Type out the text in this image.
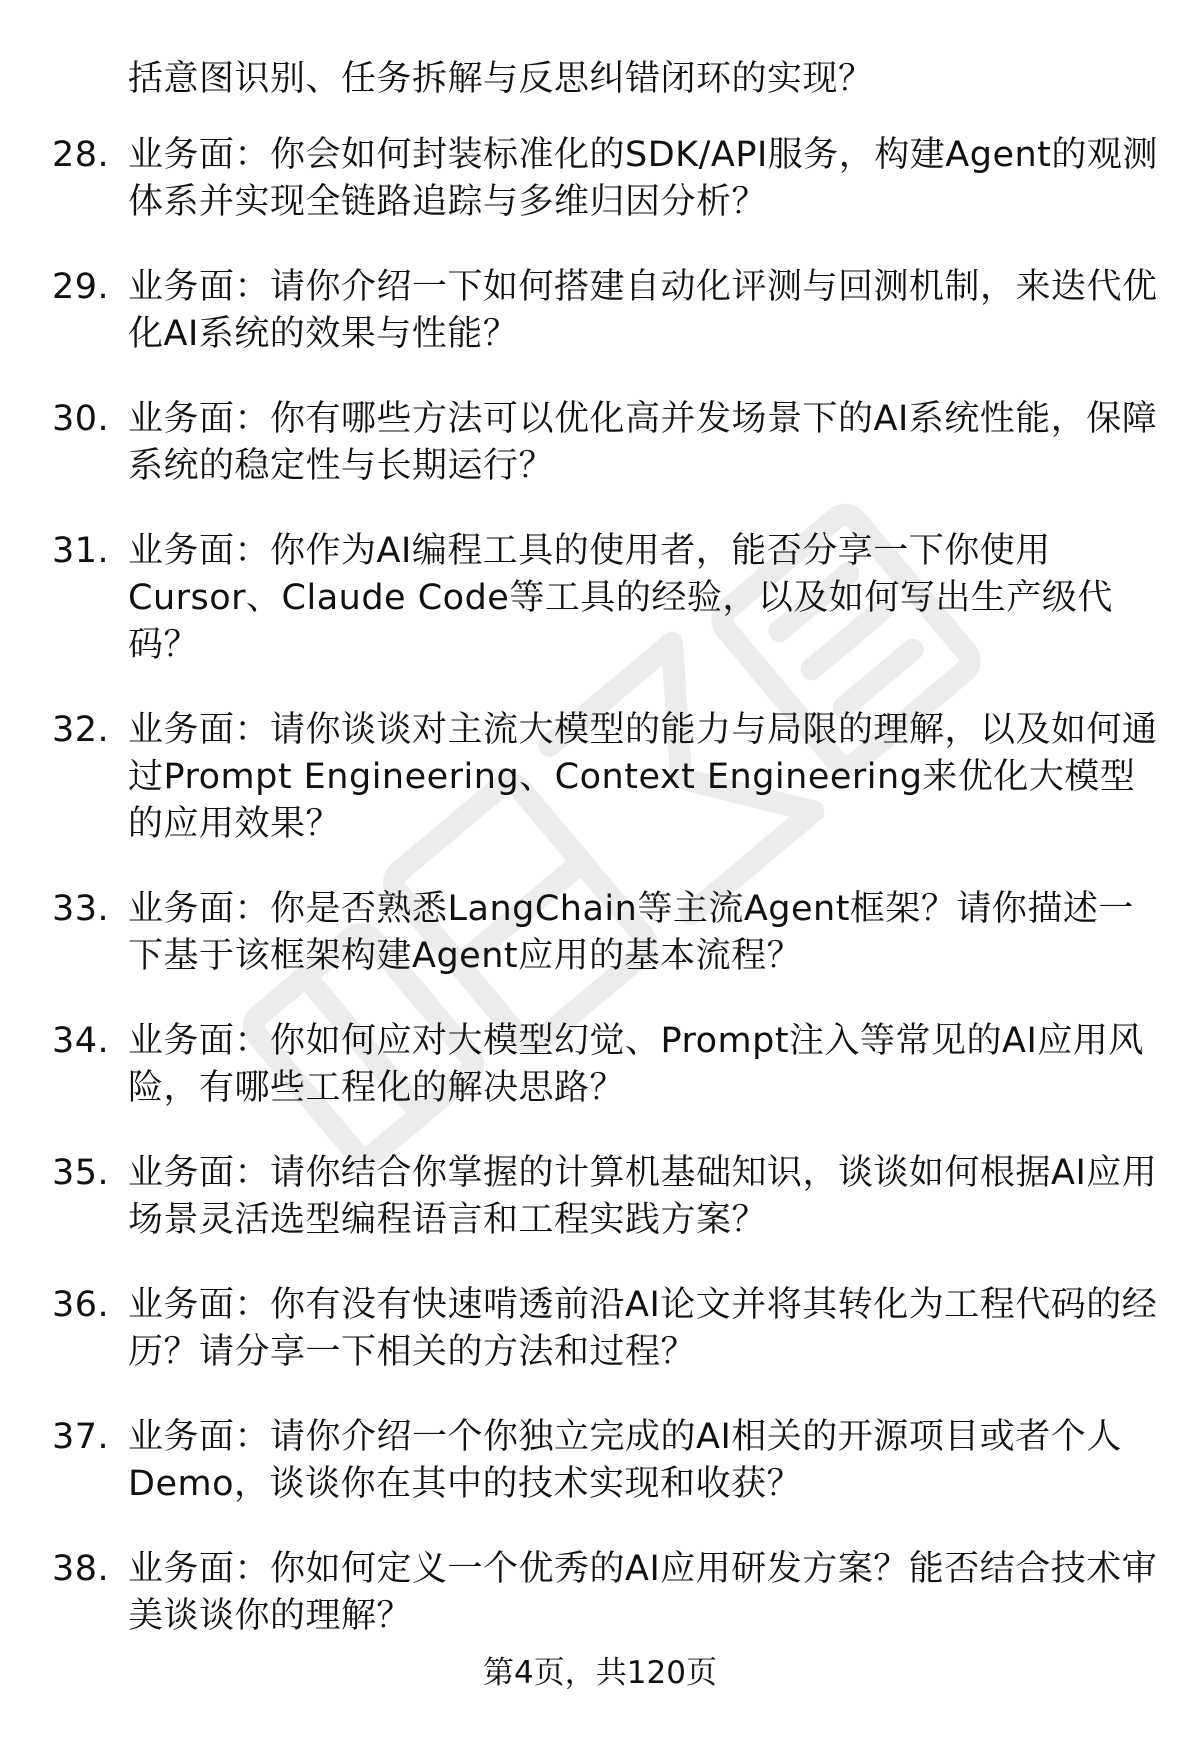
括意图识别、任务拆解与反思纠错闭环的实现？
28. 业务面：你会如何封装标准化的SDK/API服务，构建Agent的观测体系并实现全链路追踪与多维归因分析？
29. 业务面：请你介绍一下如何搭建自动化评测与回测机制，来迭代优化AI系统的效果与性能？
30. 业务面：你有哪些方法可以优化高并发场景下的AI系统性能，保障系统的稳定性与长期运行？
31. 业务面：你作为AI编程工具的使用者，能否分享一下你使用Cursor、Claude Code等工具的经验，以及如何写出生产级代码？
32. 业务面：请你谈谈对主流大模型的能力与局限的理解，以及如何通过Prompt Engineering、Context Engineering来优化大模型的应用效果？
33. 业务面：你是否熟悉LangChain等主流Agent框架？请你描述一下基于该框架构建Agent应用的基本流程？
34. 业务面：你如何应对大模型幻觉、Prompt注入等常见的AI应用风险，有哪些工程化的解决思路？
35. 业务面：请你结合你掌握的计算机基础知识，谈谈如何根据AI应用场景灵活选型编程语言和工程实践方案？
36. 业务面：你有没有快速啃透前沿AI论文并将其转化为工程代码的经历？请分享一下相关的方法和过程？
37. 业务面：请你介绍一个你独立完成的AI相关的开源项目或者个人Demo，谈谈你在其中的技术实现和收获？
38. 业务面：你如何定义一个优秀的AI应用研发方案？能否结合技术审美谈谈你的理解？
第4页，共120页
